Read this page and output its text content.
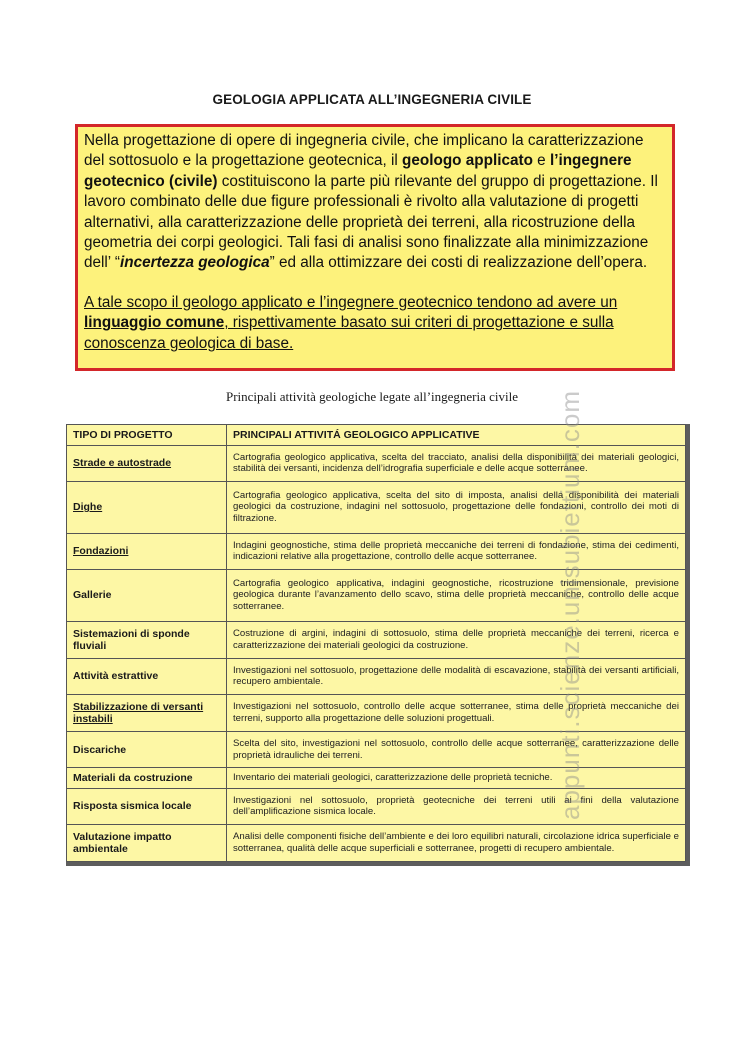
GEOLOGIA APPLICATA ALL’INGEGNERIA CIVILE

Nella progettazione di opere di ingegneria civile, che implicano la caratterizzazione del sottosuolo e la progettazione geotecnica, il geologo applicato e l’ingegnere geotecnico (civile) costituiscono la parte più rilevante del gruppo di progettazione. Il lavoro combinato delle due figure professionali è rivolto alla valutazione di progetti alternativi, alla caratterizzazione delle proprietà dei terreni, alla ricostruzione della geometria dei corpi geologici. Tali fasi di analisi sono finalizzate alla minimizzazione dell’ “incertezza geologica” ed alla ottimizzare dei costi di realizzazione dell’opera.

A tale scopo il geologo applicato e l’ingegnere geotecnico tendono ad avere un linguaggio comune, rispettivamente basato sui criteri di progettazione e sulla conoscenza geologica di base.

Principali attività geologiche legate all’ingegneria civile
TIPO DI PROGETTO	PRINCIPALI ATTIVITÁ GEOLOGICO APPLICATIVE
Strade e autostrade	Cartografia geologico applicativa, scelta del tracciato, analisi della disponibilità dei materiali geologici, stabilità dei versanti, incidenza dell’idrografia superficiale e delle acque sotterranee.
Dighe	Cartografia geologico applicativa, scelta del sito di imposta, analisi della disponibilità dei materiali geologici da costruzione, indagini nel sottosuolo, progettazione delle fondazioni, controllo dei moti di filtrazione.
Fondazioni	Indagini geognostiche, stima delle proprietà meccaniche dei terreni di fondazione, stima dei cedimenti, indicazioni relative alla progettazione, controllo delle acque sotterranee.
Gallerie	Cartografia geologico applicativa, indagini geognostiche, ricostruzione tridimensionale, previsione geologica durante l’avanzamento dello scavo, stima delle proprietà meccaniche, controllo delle acque sotterranee.
Sistemazioni di sponde fluviali	Costruzione di argini, indagini di sottosuolo, stima delle proprietà meccaniche dei terreni, ricerca e caratterizzazione dei materiali geologici da costruzione.
Attività estrattive	Investigazioni nel sottosuolo, progettazione delle modalità di escavazione, stabilità dei versanti artificiali, recupero ambientale.
Stabilizzazione di versanti instabili	Investigazioni nel sottosuolo, controllo delle acque sotterranee, stima delle proprietà meccaniche dei terreni, supporto alla progettazione delle soluzioni progettuali.
Discariche	Scelta del sito, investigazioni nel sottosuolo, controllo delle acque sotterranee, caratterizzazione delle proprietà idrauliche dei terreni.
Materiali da costruzione	Inventario dei materiali geologici, caratterizzazione delle proprietà tecniche.
Risposta sismica locale	Investigazioni nel sottosuolo, proprietà geotecniche dei terreni utili ai fini della valutazione dell’amplificazione sismica locale.
Valutazione impatto ambientale	Analisi delle componenti fisiche dell’ambiente e dei loro equilibri naturali, circolazione idrica superficiale e sotterranea, qualità delle acque superficiali e sotterranee, progetti di recupero ambientale.
appunti.scienze.unisubiettiuni.com
